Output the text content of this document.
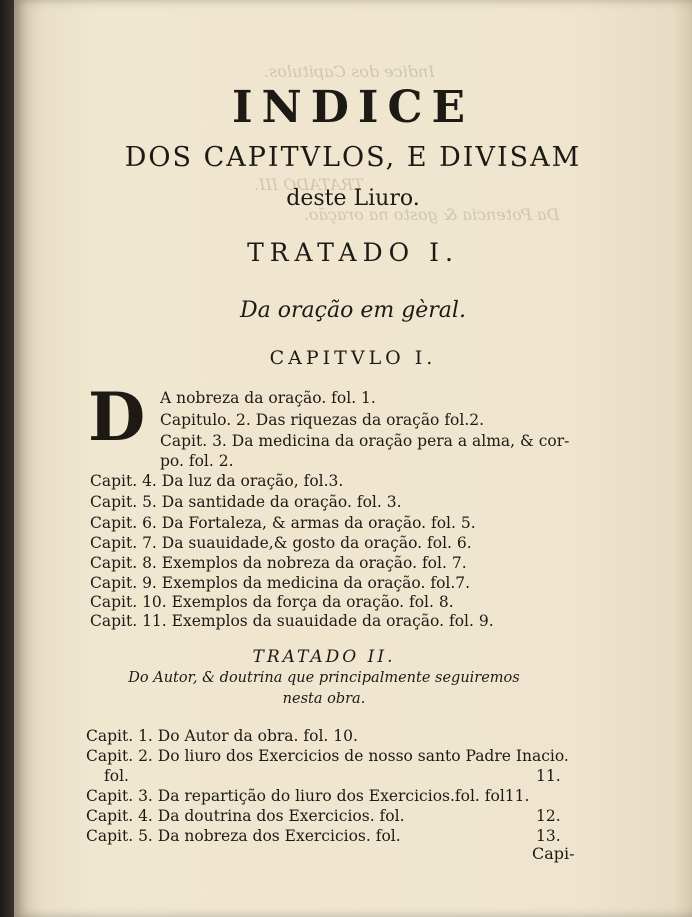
Indice dos Capitulos.
TRATADO III.
Da Potencia & gosto na oração.
INDICE
DOS CAPITVLOS, E DIVISAM
deste Liuro.
TRATADO I.
Da oração em gèral.
CAPITVLO I.
D A nobreza da oração. fol. 1.
Capitulo. 2. Das riquezas da oração fol.2.
Capit. 3. Da medicina da oração pera a alma, & cor-
po. fol. 2.
Capit. 4. Da luz da oração, fol.3.
Capit. 5. Da santidade da oração. fol. 3.
Capit. 6. Da Fortaleza, & armas da oração. fol. 5.
Capit. 7. Da suauidade,& gosto da oração. fol. 6.
Capit. 8. Exemplos da nobreza da oração. fol. 7.
Capit. 9. Exemplos da medicina da oração. fol.7.
Capit. 10. Exemplos da força da oração. fol. 8.
Capit. 11. Exemplos da suauidade da oração. fol. 9.
TRATADO II.
Do Autor, & doutrina que principalmente seguiremos
nesta obra.
Capit. 1. Do Autor da obra. fol. 10.
Capit. 2. Do liuro dos Exercicios de nosso santo Padre Inacio.
fol.	11.
Capit. 3. Da repartição do liuro dos Exercicios.fol. fol11.
Capit. 4. Da doutrina dos Exercicios. fol.	12.
Capit. 5. Da nobreza dos Exercicios. fol.	13.
Capi-
